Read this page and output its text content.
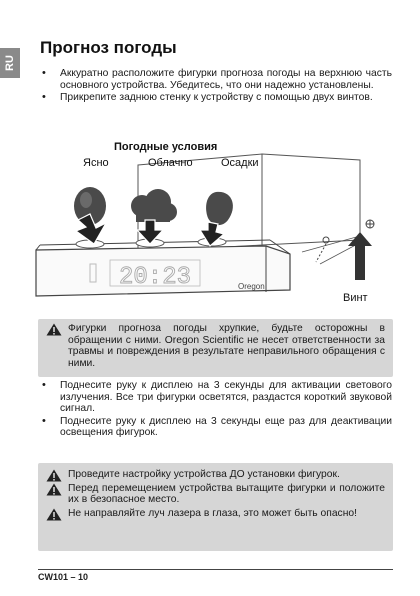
RU
Прогноз погоды
• Аккуратно расположите фигурки прогноза погоды на верхнюю часть основного устройства. Убедитесь, что они надежно установлены.
• Прикрепите заднюю стенку к устройству с помощью двух винтов.
20:23	Oregon
Погодные условия
Ясно	Облачно	Осадки
Винт
Фигурки прогноза погоды хрупкие, будьте осторожны в обращении с ними. Oregon Scientific не несет ответственности за травмы и повреждения в результате неправильного обращения с ними.
• Поднесите руку к дисплею на 3 секунды для активации светового излучения. Все три фигурки осветятся, раздастся короткий звуковой сигнал.
• Поднесите руку к дисплею на 3 секунды еще раз для деактивации освещения фигурок.
Проведите настройку устройства ДО установки фигурок.
Перед перемещением устройства вытащите фигурки и положите их в безопасное место.
Не направляйте луч лазера в глаза, это может быть опасно!
CW101 – 10
